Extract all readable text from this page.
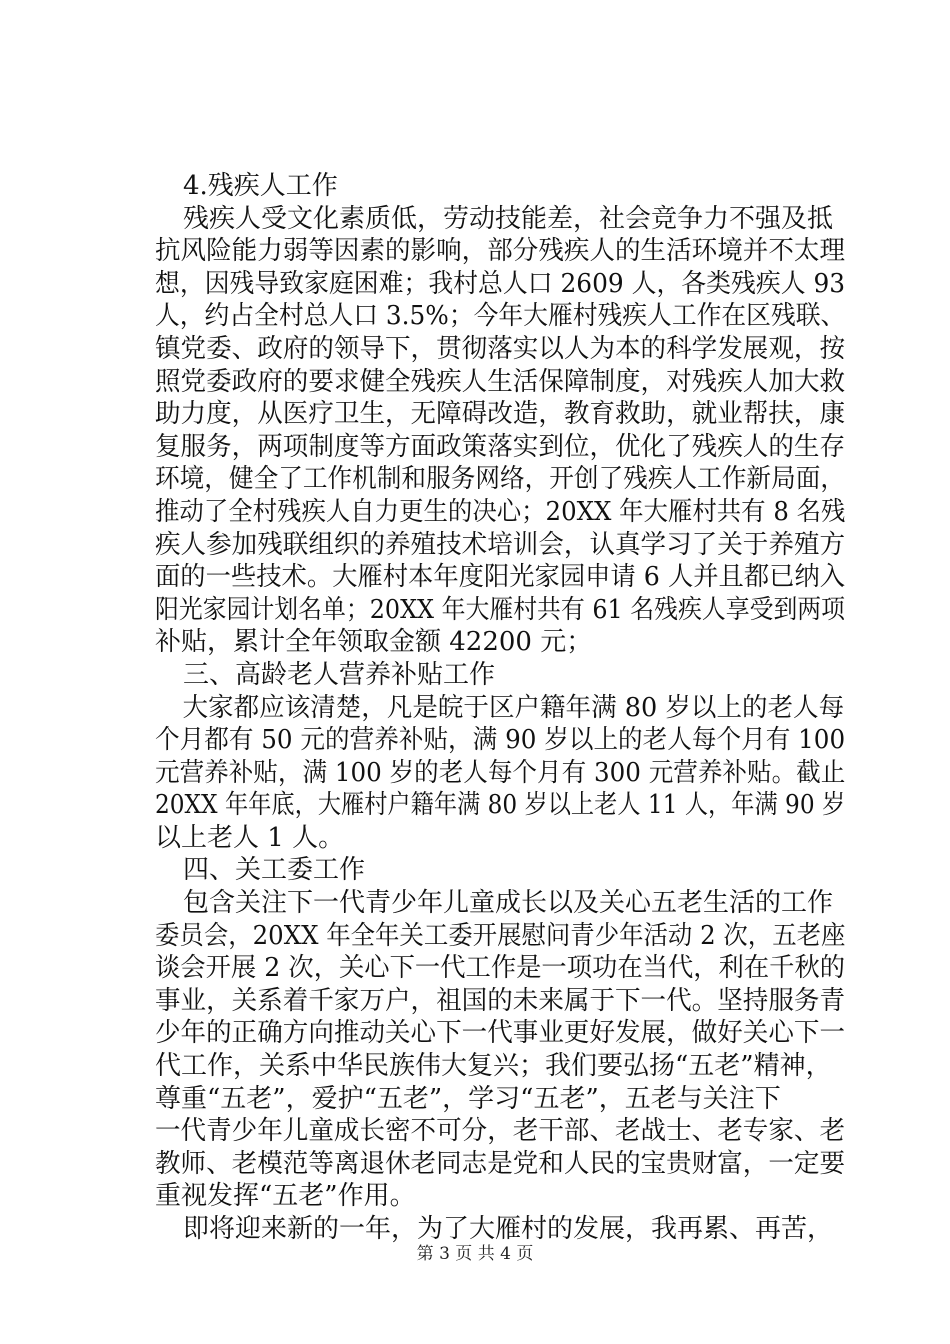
4.残疾人工作
残疾人受文化素质低，劳动技能差，社会竞争力不强及抵
抗风险能力弱等因素的影响，部分残疾人的生活环境并不太理
想，因残导致家庭困难；我村总人口 2609 人，各类残疾人 93
人，约占全村总人口 3.5%；今年大雁村残疾人工作在区残联、
镇党委、政府的领导下，贯彻落实以人为本的科学发展观，按
照党委政府的要求健全残疾人生活保障制度，对残疾人加大救
助力度，从医疗卫生，无障碍改造，教育救助，就业帮扶，康
复服务，两项制度等方面政策落实到位，优化了残疾人的生存
环境，健全了工作机制和服务网络，开创了残疾人工作新局面，
推动了全村残疾人自力更生的决心；20XX 年大雁村共有 8 名残
疾人参加残联组织的养殖技术培训会，认真学习了关于养殖方
面的一些技术。大雁村本年度阳光家园申请 6 人并且都已纳入
阳光家园计划名单；20XX 年大雁村共有 61 名残疾人享受到两项
补贴，累计全年领取金额 42200 元；
三、高龄老人营养补贴工作
大家都应该清楚，凡是皖于区户籍年满 80 岁以上的老人每
个月都有 50 元的营养补贴，满 90 岁以上的老人每个月有 100
元营养补贴，满 100 岁的老人每个月有 300 元营养补贴。截止
20XX 年年底，大雁村户籍年满 80 岁以上老人 11 人，年满 90 岁
以上老人 1 人。
四、关工委工作
包含关注下一代青少年儿童成长以及关心五老生活的工作
委员会，20XX 年全年关工委开展慰问青少年活动 2 次，五老座
谈会开展 2 次，关心下一代工作是一项功在当代，利在千秋的
事业，关系着千家万户，祖国的未来属于下一代。坚持服务青
少年的正确方向推动关心下一代事业更好发展，做好关心下一
代工作，关系中华民族伟大复兴；我们要弘扬“五老”精神，
尊重“五老”，爱护“五老”，学习“五老”，五老与关注下
一代青少年儿童成长密不可分，老干部、老战士、老专家、老
教师、老模范等离退休老同志是党和人民的宝贵财富，一定要
重视发挥“五老”作用。
即将迎来新的一年，为了大雁村的发展，我再累、再苦，
第 3 页 共 4 页
